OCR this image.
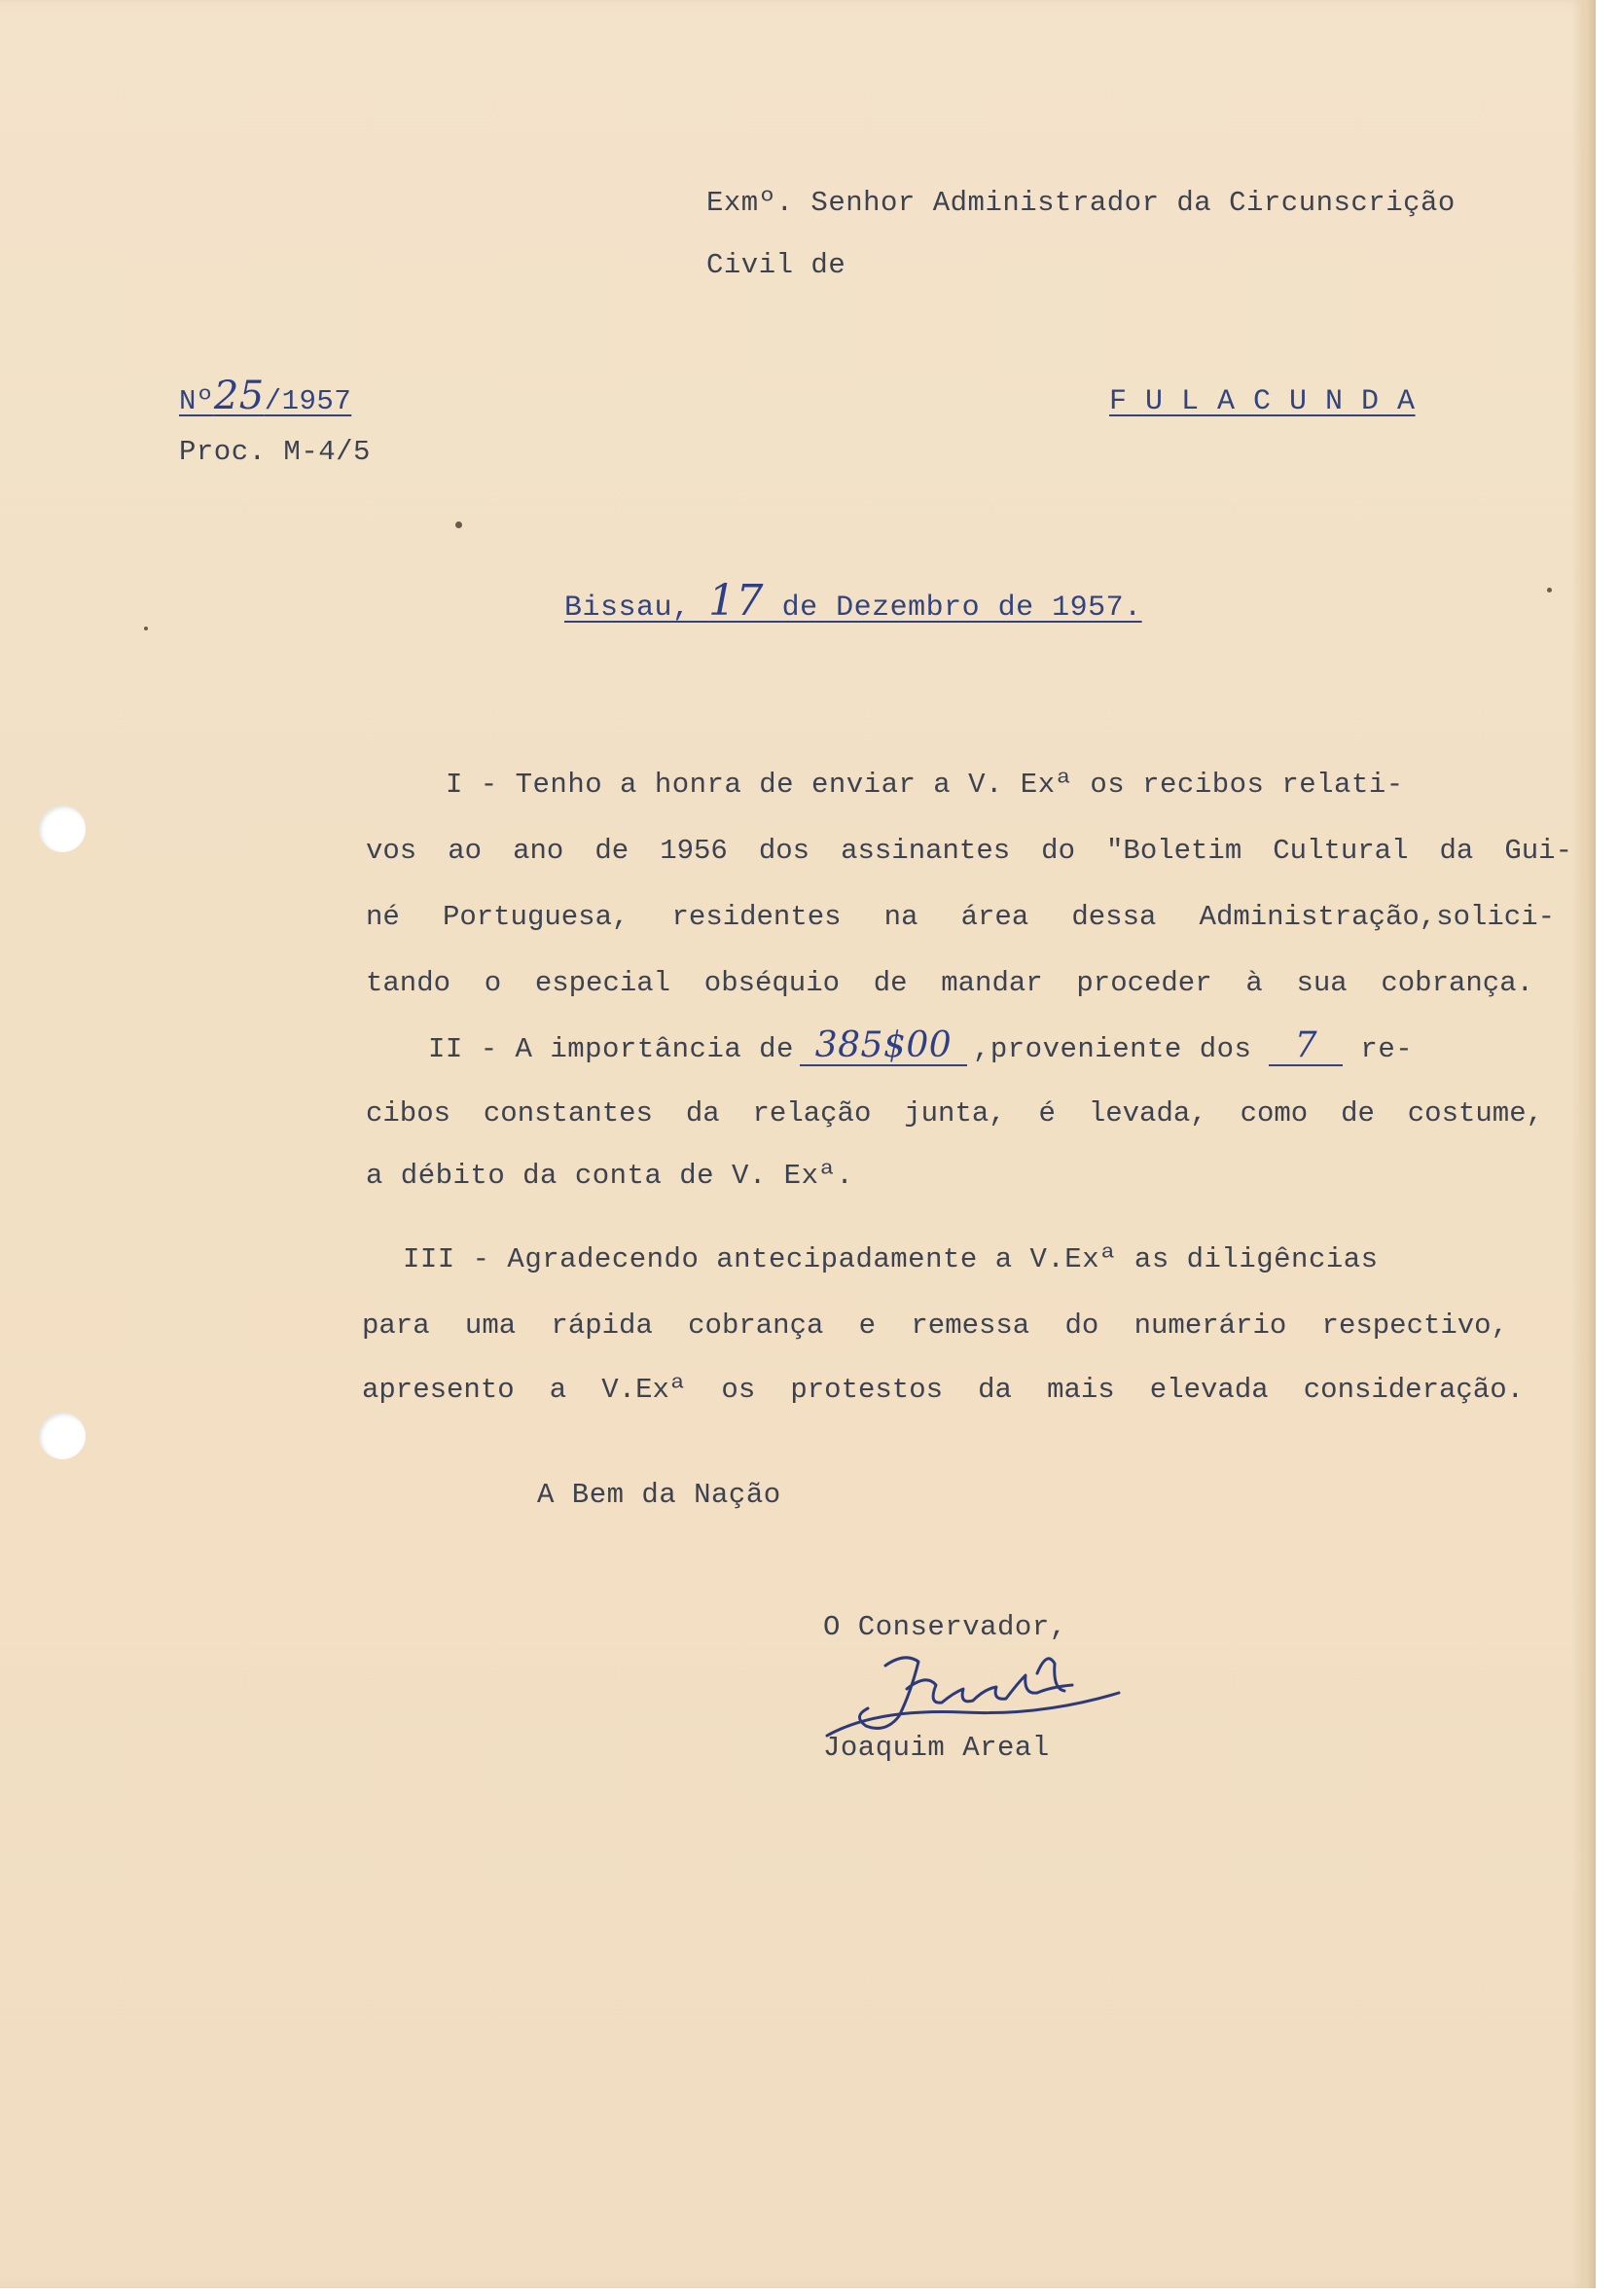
Exmº. Senhor Administrador da Circunscrição

Civil de

F U L A C U N D A

Nº25/1957

Proc. M-4/5

Bissau, 17 de Dezembro de 1957.

I - Tenho a honra de enviar a V. Exª os recibos relati-

vos ao ano de 1956 dos assinantes do "Boletim Cultural da Gui-

né Portuguesa, residentes na área dessa Administração,solici-

tando o especial obséquio de mandar proceder à sua cobrança.

II - A importância de 385$00 ,proveniente dos 7 re-

cibos constantes da relação junta, é levada, como de costume,

a débito da conta de V. Exª.

III - Agradecendo antecipadamente a V.Exª as diligências

para uma rápida cobrança e remessa do numerário respectivo,

apresento a V.Exª os protestos da mais elevada consideração.

A Bem da Nação

O Conservador,

Joaquim Areal
